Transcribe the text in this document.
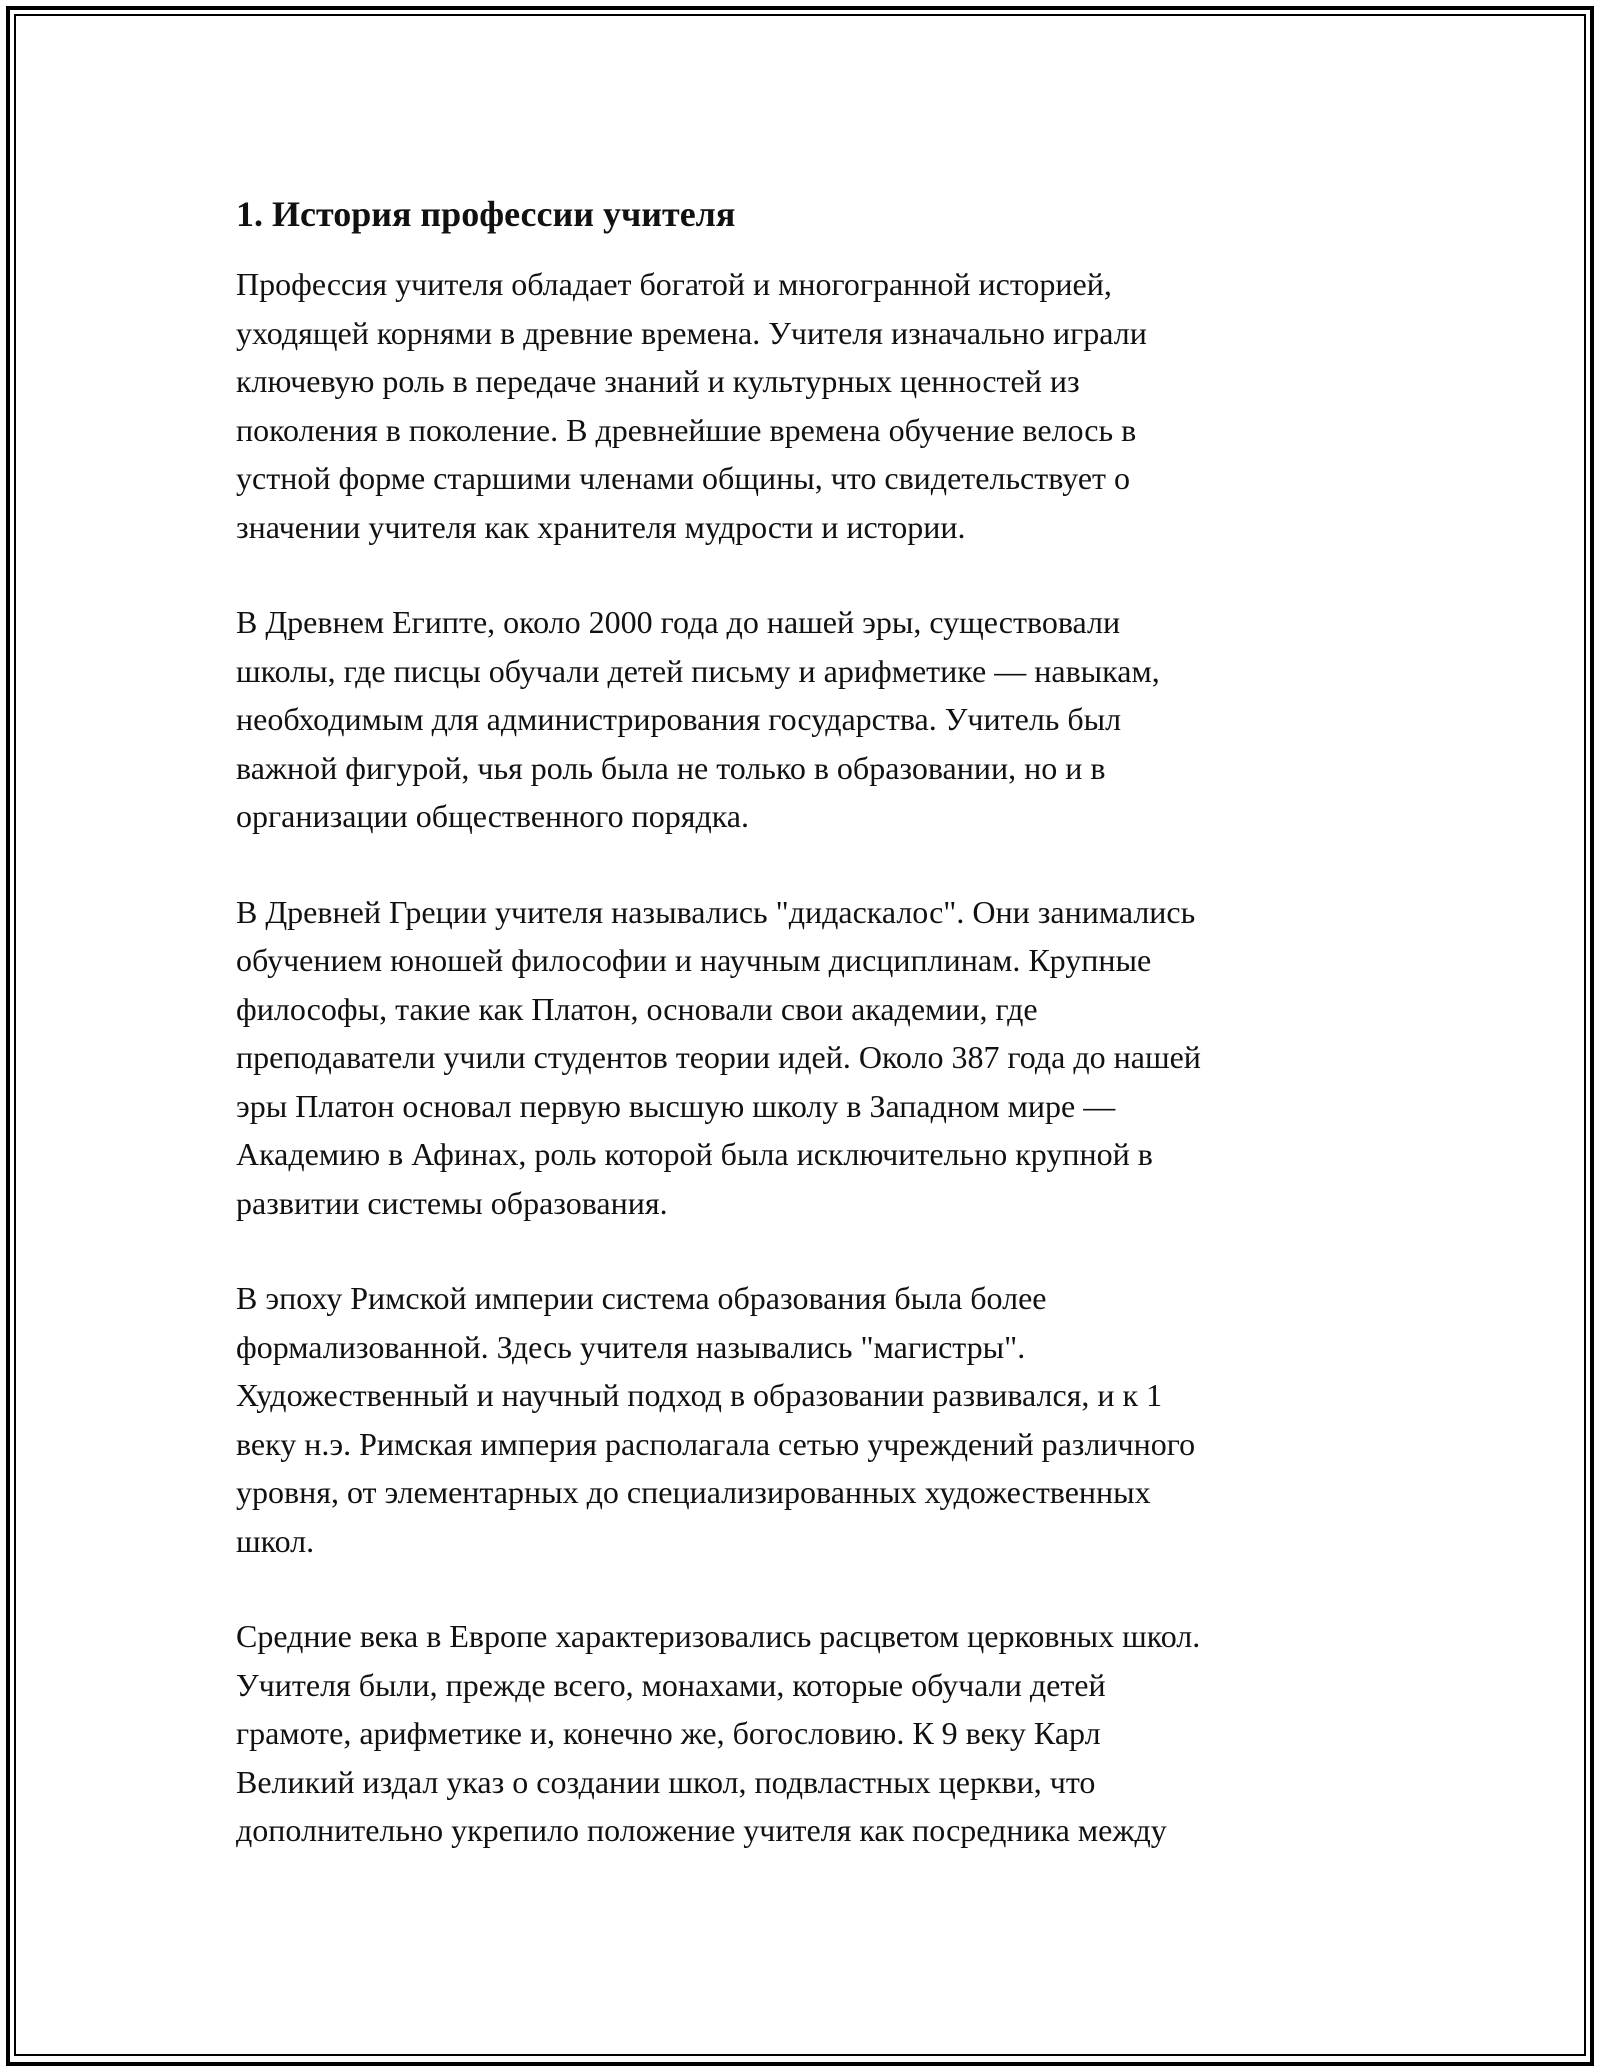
1. История профессии учителя

Профессия учителя обладает богатой и многогранной историей,
уходящей корнями в древние времена. Учителя изначально играли
ключевую роль в передаче знаний и культурных ценностей из
поколения в поколение. В древнейшие времена обучение велось в
устной форме старшими членами общины, что свидетельствует о
значении учителя как хранителя мудрости и истории.

В Древнем Египте, около 2000 года до нашей эры, существовали
школы, где писцы обучали детей письму и арифметике — навыкам,
необходимым для администрирования государства. Учитель был
важной фигурой, чья роль была не только в образовании, но и в
организации общественного порядка.

В Древней Греции учителя назывались "дидаскалос". Они занимались
обучением юношей философии и научным дисциплинам. Крупные
философы, такие как Платон, основали свои академии, где
преподаватели учили студентов теории идей. Около 387 года до нашей
эры Платон основал первую высшую школу в Западном мире —
Академию в Афинах, роль которой была исключительно крупной в
развитии системы образования.

В эпоху Римской империи система образования была более
формализованной. Здесь учителя назывались "магистры".
Художественный и научный подход в образовании развивался, и к 1
веку н.э. Римская империя располагала сетью учреждений различного
уровня, от элементарных до специализированных художественных
школ.

Средние века в Европе характеризовались расцветом церковных школ.
Учителя были, прежде всего, монахами, которые обучали детей
грамоте, арифметике и, конечно же, богословию. К 9 веку Карл
Великий издал указ о создании школ, подвластных церкви, что
дополнительно укрепило положение учителя как посредника между
